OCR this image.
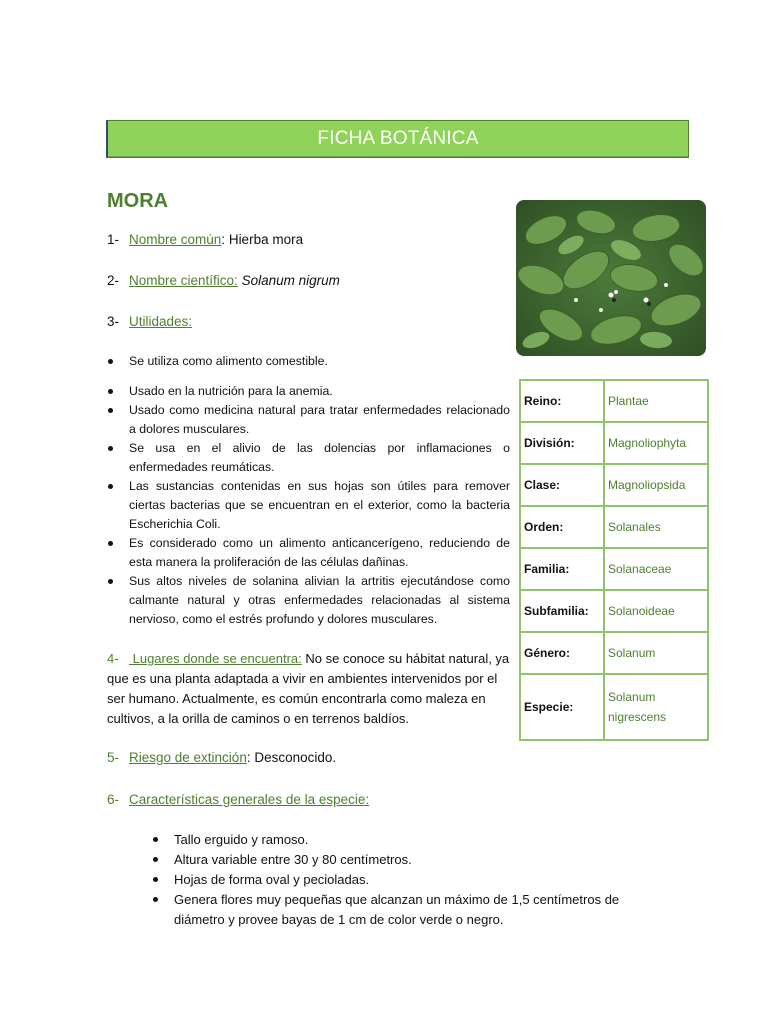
FICHA BOTÁNICA
MORA
1- Nombre común: Hierba mora
2- Nombre científico: Solanum nigrum
3- Utilidades:
Se utiliza como alimento comestible.
Usado en la nutrición para la anemia.
Usado como medicina natural para tratar enfermedades relacionado a dolores musculares.
Se usa en el alivio de las dolencias por inflamaciones o enfermedades reumáticas.
Las sustancias contenidas en sus hojas son útiles para remover ciertas bacterias que se encuentran en el exterior, como la bacteria Escherichia Coli.
Es considerado como un alimento anticancerígeno, reduciendo de esta manera la proliferación de las células dañinas.
Sus altos niveles de solanina alivian la artritis ejecutándose como calmante natural y otras enfermedades relacionadas al sistema nervioso, como el estrés profundo y dolores musculares.
4- Lugares donde se encuentra: No se conoce su hábitat natural, ya que es una planta adaptada a vivir en ambientes intervenidos por el ser humano. Actualmente, es común encontrarla como maleza en cultivos, a la orilla de caminos o en terrenos baldíos.
5- Riesgo de extinción: Desconocido.
6- Características generales de la especie:
Tallo erguido y ramoso.
Altura variable entre 30 y 80 centímetros.
Hojas de forma oval y pecioladas.
Genera flores muy pequeñas que alcanzan un máximo de 1,5 centímetros de diámetro y provee bayas de 1 cm de color verde o negro.
Reino:	Plantae
División:	Magnoliophyta
Clase:	Magnoliopsida
Orden:	Solanales
Familia:	Solanaceae
Subfamilia:	Solanoideae
Género:	Solanum
Especie:	Solanum nigrescens
